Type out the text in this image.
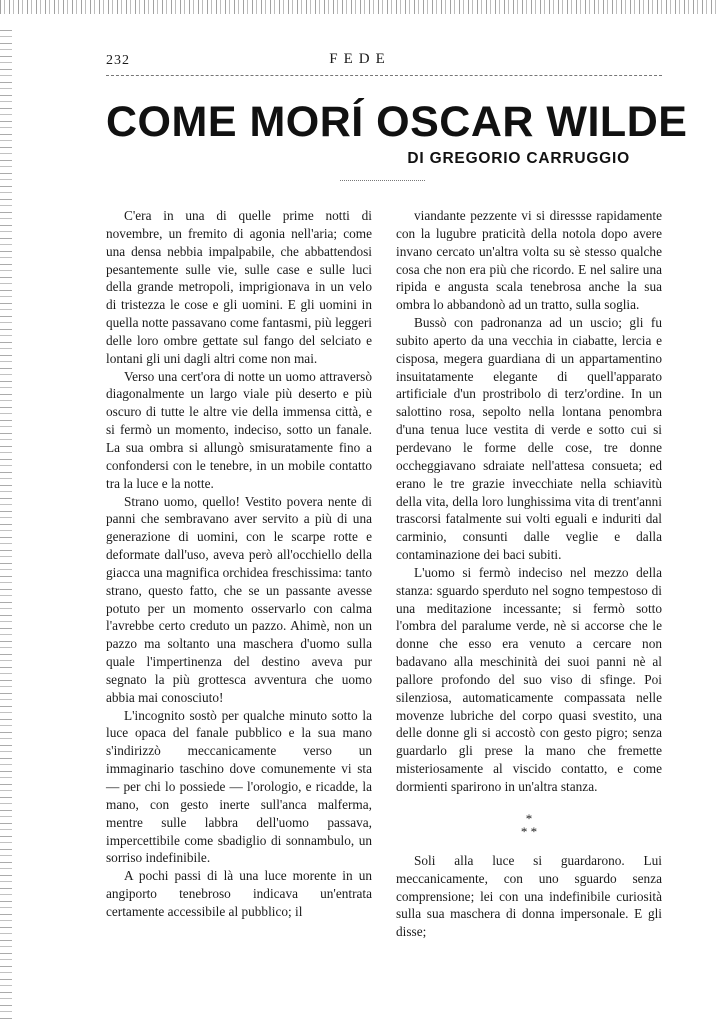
232	FEDE
COME MORÍ OSCAR WILDE
DI GREGORIO CARRUGGIO

C'era in una di quelle prime notti di novembre, un fremito di agonia nell'aria; come una densa nebbia impalpabile, che abbattendosi pesantemente sulle vie, sulle case e sulle luci della grande metropoli, imprigionava in un velo di tristezza le cose e gli uomini. E gli uomini in quella notte passavano come fantasmi, più leggeri delle loro ombre gettate sul fango del selciato e lontani gli uni dagli altri come non mai.

Verso una cert'ora di notte un uomo attraversò diagonalmente un largo viale più deserto e più oscuro di tutte le altre vie della immensa città, e si fermò un momento, indeciso, sotto un fanale. La sua ombra si allungò smisuratamente fino a confondersi con le tenebre, in un mobile contatto tra la luce e la notte.

Strano uomo, quello! Vestito povera nente di panni che sembravano aver servito a più di una generazione di uomini, con le scarpe rotte e deformate dall'uso, aveva però all'occhiello della giacca una magnifica orchidea freschissima: tanto strano, questo fatto, che se un passante avesse potuto per un momento osservarlo con calma l'avrebbe certo creduto un pazzo. Ahimè, non un pazzo ma soltanto una maschera d'uomo sulla quale l'impertinenza del destino aveva pur segnato la più grottesca avventura che uomo abbia mai conosciuto!

L'incognito sostò per qualche minuto sotto la luce opaca del fanale pubblico e la sua mano s'indirizzò meccanicamente verso un immaginario taschino dove comunemente vi sta — per chi lo possiede — l'orologio, e ricadde, la mano, con gesto inerte sull'anca malferma, mentre sulle labbra dell'uomo passava, impercettibile come sbadiglio di sonnambulo, un sorriso indefinibile.

A pochi passi di là una luce morente in un angiporto tenebroso indicava un'entrata certamente accessibile al pubblico; il

viandante pezzente vi si diressse rapidamente con la lugubre praticità della notola dopo avere invano cercato un'altra volta su sè stesso qualche cosa che non era più che ricordo. E nel salire una ripida e angusta scala tenebrosa anche la sua ombra lo abbandonò ad un tratto, sulla soglia.

Bussò con padronanza ad un uscio; gli fu subito aperto da una vecchia in ciabatte, lercia e cisposa, megera guardiana di un appartamentino insuitatamente elegante di quell'apparato artificiale d'un prostribolo di terz'ordine. In un salottino rosa, sepolto nella lontana penombra d'una tenua luce vestita di verde e sotto cui si perdevano le forme delle cose, tre donne occheggiavano sdraiate nell'attesa consueta; ed erano le tre grazie invecchiate nella schiavitù della vita, della loro lunghissima vita di trent'anni trascorsi fatalmente sui volti eguali e induriti dal carminio, consunti dalle veglie e dalla contaminazione dei baci subiti.

L'uomo si fermò indeciso nel mezzo della stanza: sguardo sperduto nel sogno tempestoso di una meditazione incessante; si fermò sotto l'ombra del paralume verde, nè si accorse che le donne che esso era venuto a cercare non badavano alla meschinità dei suoi panni nè al pallore profondo del suo viso di sfinge. Poi silenziosa, automaticamente compassata nelle movenze lubriche del corpo quasi svestito, una delle donne gli si accostò con gesto pigro; senza guardarlo gli prese la mano che fremette misteriosamente al viscido contatto, e come dormienti sparirono in un'altra stanza.

*
* *

Soli alla luce si guardarono. Lui meccanicamente, con uno sguardo senza comprensione; lei con una indefinibile curiosità sulla sua maschera di donna impersonale. E gli disse;
